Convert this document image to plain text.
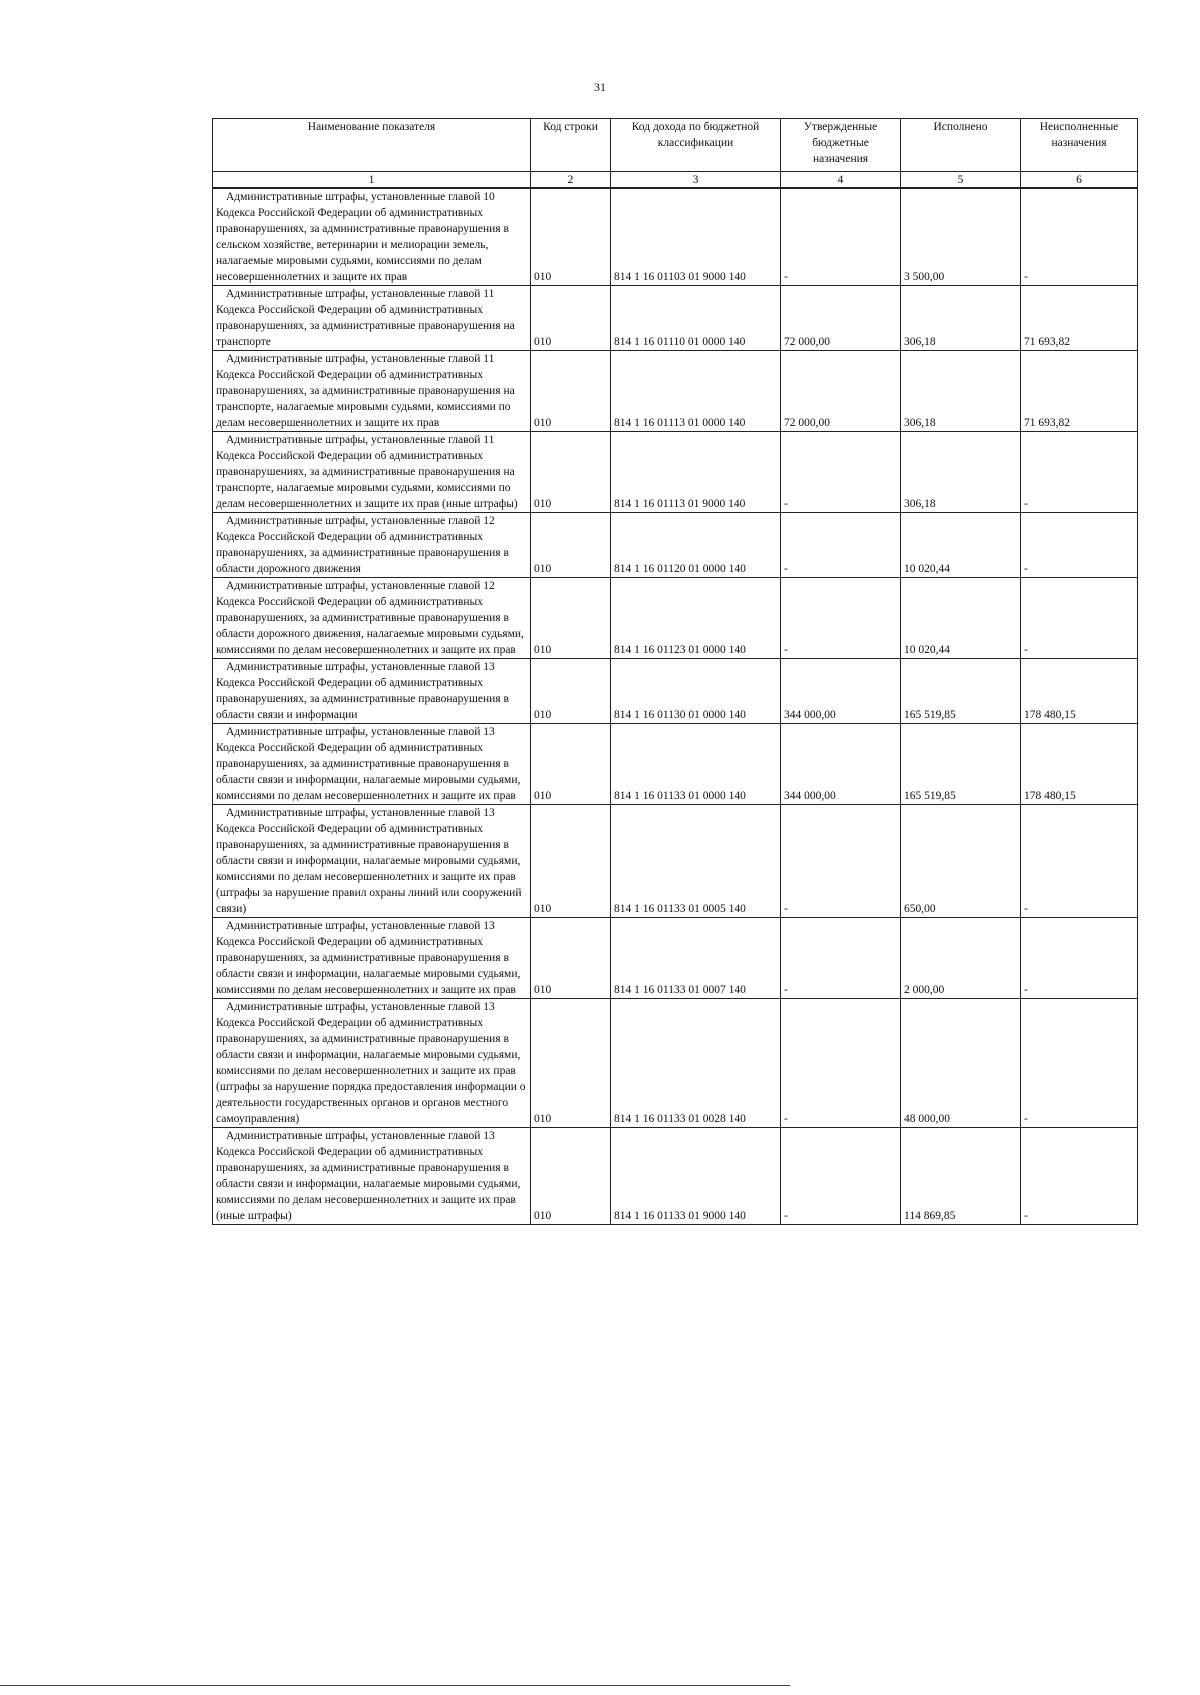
31
Наименование показателя	Код строки	Код дохода по бюджетной классификации	Утвержденные бюджетные назначения	Исполнено	Неисполненные назначения
1	2	3	4	5	6

Административные штрафы, установленные главой 10 Кодекса Российской Федерации об административных правонарушениях, за административные правонарушения в сельском хозяйстве, ветеринарии и мелиорации земель, налагаемые мировыми судьями, комиссиями по делам несовершеннолетних и защите их прав	010	814 1 16 01103 01 9000 140	-	3 500,00	-

Административные штрафы, установленные главой 11 Кодекса Российской Федерации об административных правонарушениях, за административные правонарушения на транспорте	010	814 1 16 01110 01 0000 140	72 000,00	306,18	71 693,82

Административные штрафы, установленные главой 11 Кодекса Российской Федерации об административных правонарушениях, за административные правонарушения на транспорте, налагаемые мировыми судьями, комиссиями по делам несовершеннолетних и защите их прав	010	814 1 16 01113 01 0000 140	72 000,00	306,18	71 693,82

Административные штрафы, установленные главой 11 Кодекса Российской Федерации об административных правонарушениях, за административные правонарушения на транспорте, налагаемые мировыми судьями, комиссиями по делам несовершеннолетних и защите их прав (иные штрафы)	010	814 1 16 01113 01 9000 140	-	306,18	-

Административные штрафы, установленные главой 12 Кодекса Российской Федерации об административных правонарушениях, за административные правонарушения в области дорожного движения	010	814 1 16 01120 01 0000 140	-	10 020,44	-

Административные штрафы, установленные главой 12 Кодекса Российской Федерации об административных правонарушениях, за административные правонарушения в области дорожного движения, налагаемые мировыми судьями, комиссиями по делам несовершеннолетних и защите их прав	010	814 1 16 01123 01 0000 140	-	10 020,44	-

Административные штрафы, установленные главой 13 Кодекса Российской Федерации об административных правонарушениях, за административные правонарушения в области связи и информации	010	814 1 16 01130 01 0000 140	344 000,00	165 519,85	178 480,15

Административные штрафы, установленные главой 13 Кодекса Российской Федерации об административных правонарушениях, за административные правонарушения в области связи и информации, налагаемые мировыми судьями, комиссиями по делам несовершеннолетних и защите их прав	010	814 1 16 01133 01 0000 140	344 000,00	165 519,85	178 480,15

Административные штрафы, установленные главой 13 Кодекса Российской Федерации об административных правонарушениях, за административные правонарушения в области связи и информации, налагаемые мировыми судьями, комиссиями по делам несовершеннолетних и защите их прав (штрафы за нарушение правил охраны линий или сооружений связи)	010	814 1 16 01133 01 0005 140	-	650,00	-

Административные штрафы, установленные главой 13 Кодекса Российской Федерации об административных правонарушениях, за административные правонарушения в области связи и информации, налагаемые мировыми судьями, комиссиями по делам несовершеннолетних и защите их прав	010	814 1 16 01133 01 0007 140	-	2 000,00	-

Административные штрафы, установленные главой 13 Кодекса Российской Федерации об административных правонарушениях, за административные правонарушения в области связи и информации, налагаемые мировыми судьями, комиссиями по делам несовершеннолетних и защите их прав (штрафы за нарушение порядка предоставления информации о деятельности государственных органов и органов местного самоуправления)	010	814 1 16 01133 01 0028 140	-	48 000,00	-

Административные штрафы, установленные главой 13 Кодекса Российской Федерации об административных правонарушениях, за административные правонарушения в области связи и информации, налагаемые мировыми судьями, комиссиями по делам несовершеннолетних и защите их прав (иные штрафы)	010	814 1 16 01133 01 9000 140	-	114 869,85	-
